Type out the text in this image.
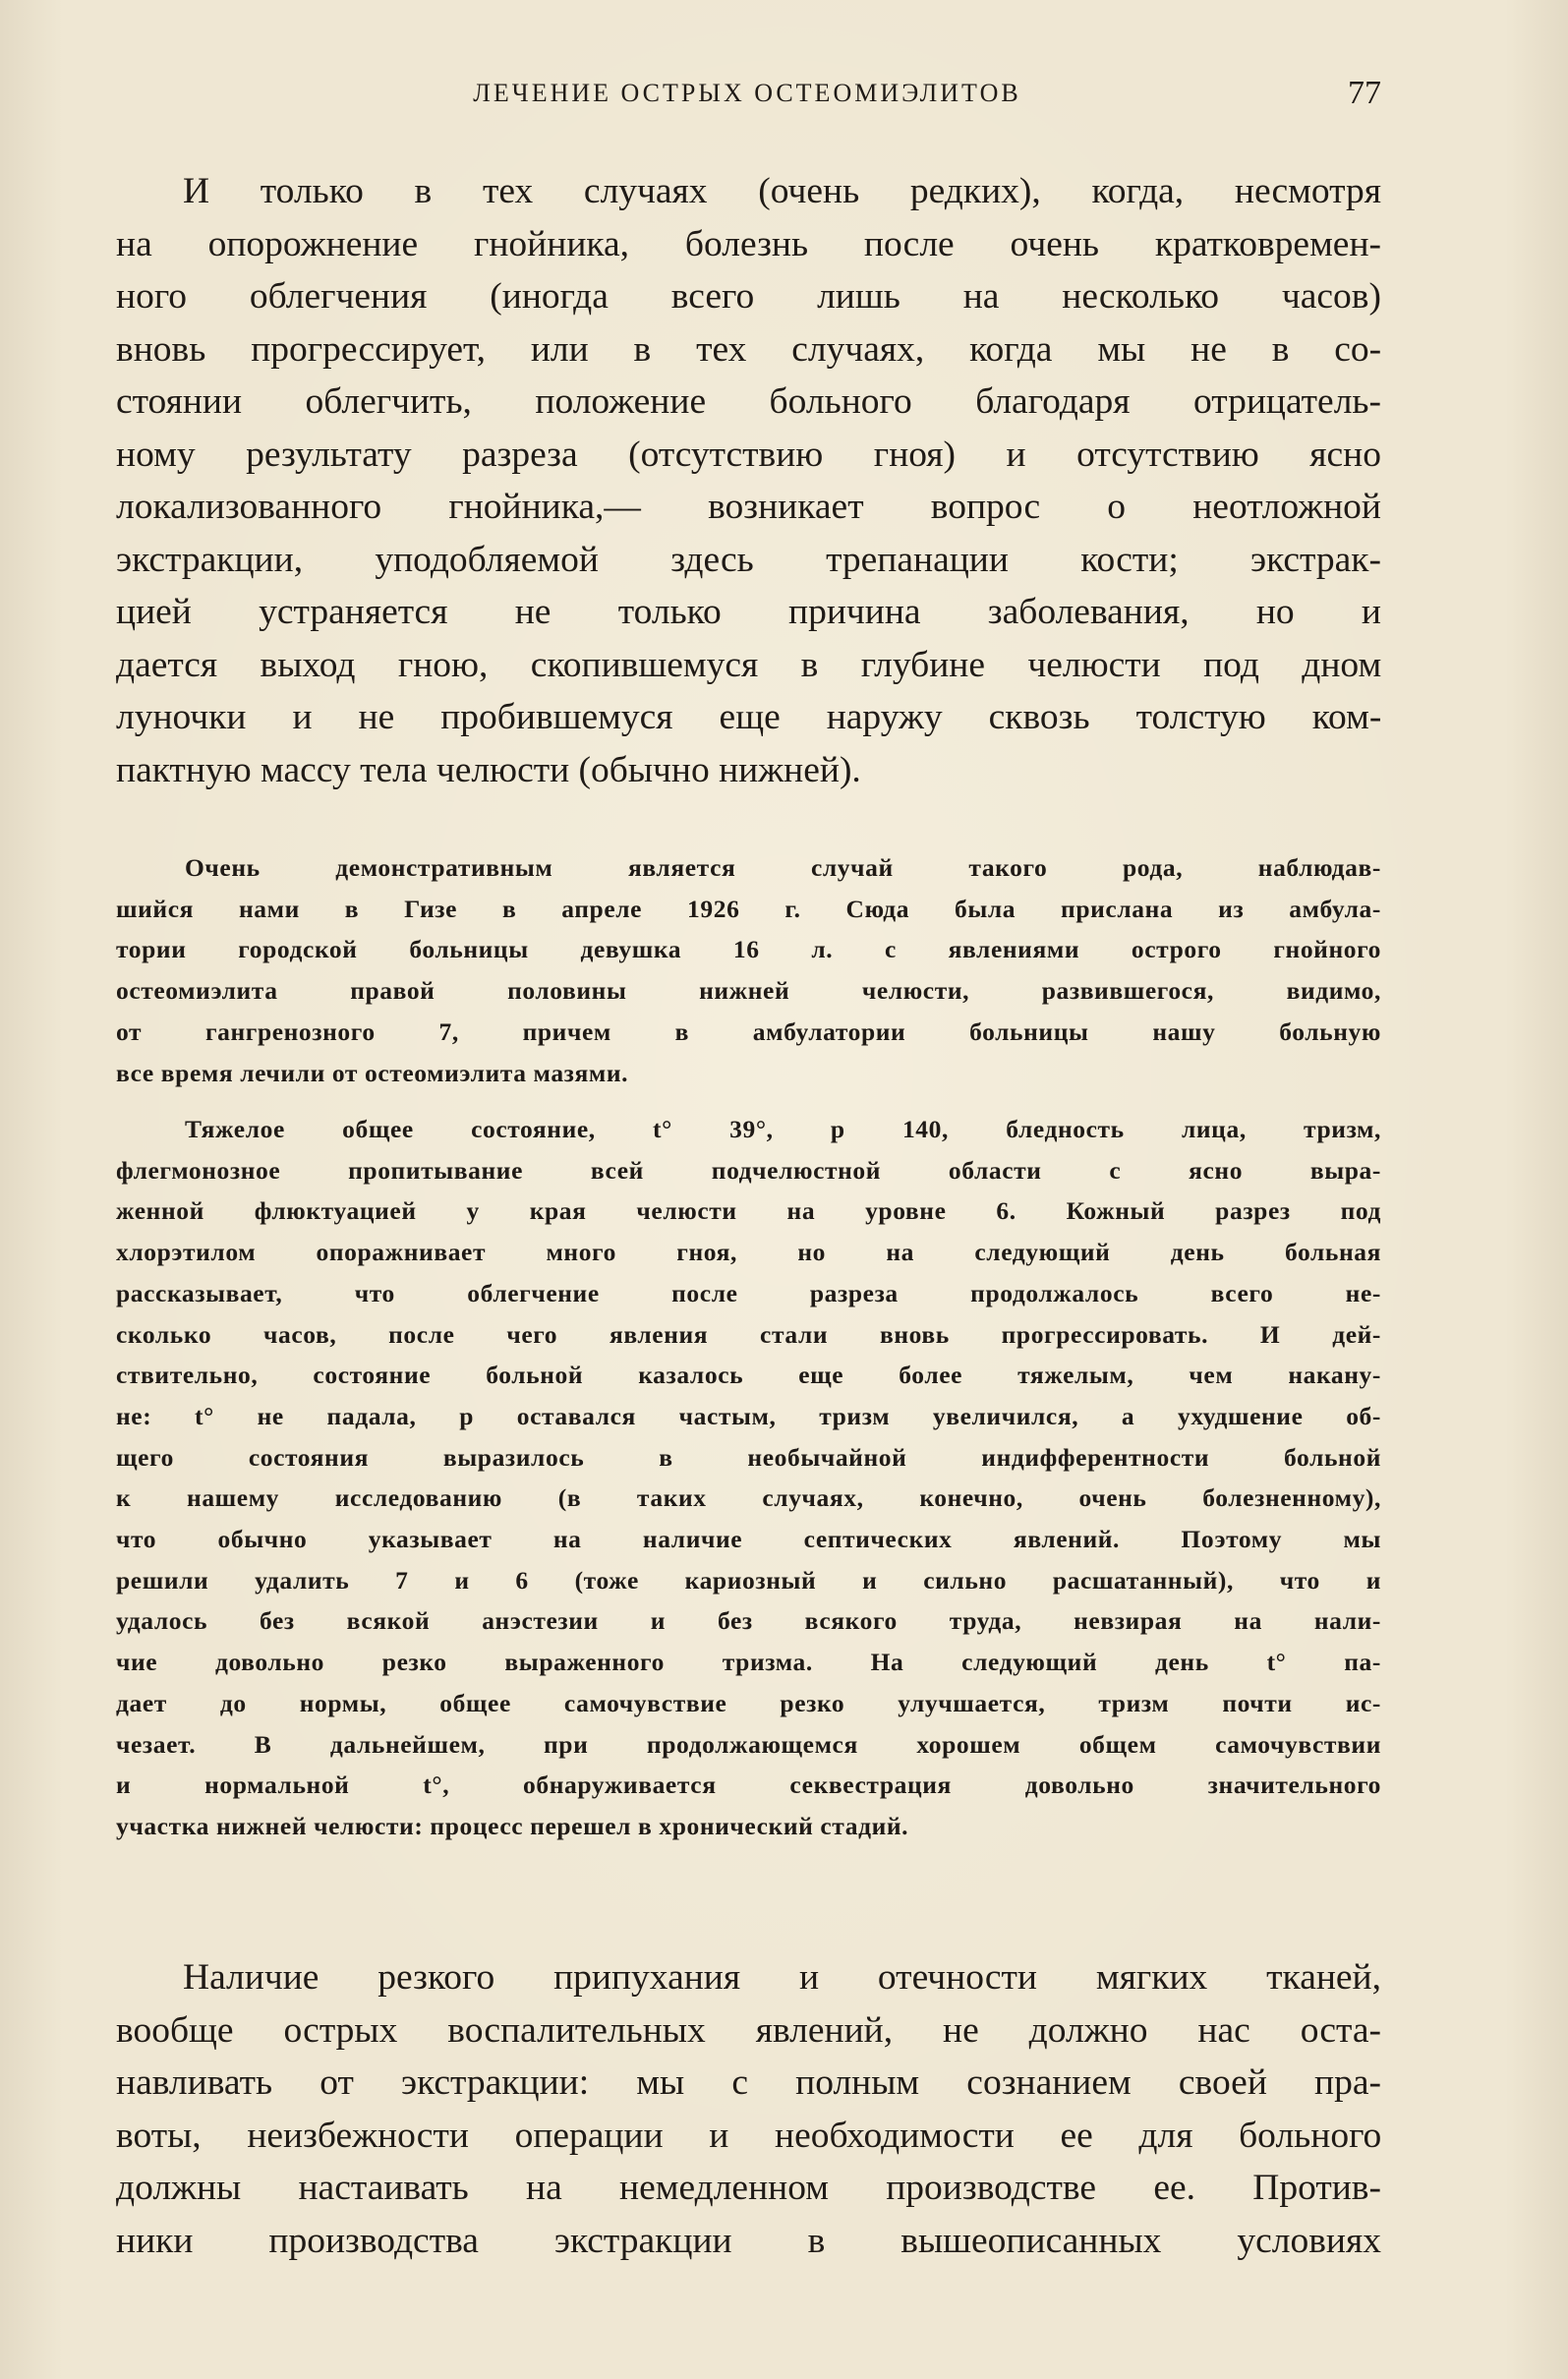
ЛЕЧЕНИЕ ОСТРЫХ ОСТЕОМИЭЛИТОВ	77
И только в тех случаях (очень редких), когда, несмотря
на опорожнение гнойника, болезнь после очень кратковремен-
ного облегчения (иногда всего лишь на несколько часов)
вновь прогрессирует, или в тех случаях, когда мы не в со-
стоянии облегчить, положение больного благодаря отрицатель-
ному результату разреза (отсутствию гноя) и отсутствию ясно
локализованного гнойника,— возникает вопрос о неотложной
экстракции, уподобляемой здесь трепанации кости; экстрак-
цией устраняется не только причина заболевания, но и
дается выход гною, скопившемуся в глубине челюсти под дном
луночки и не пробившемуся еще наружу сквозь толстую ком-
пактную массу тела челюсти (обычно нижней).
Очень демонстративным является случай такого рода, наблюдав-
шийся нами в Гизе в апреле 1926 г. Сюда была прислана из амбула-
тории городской больницы девушка 16 л. с явлениями острого гнойного
остеомиэлита правой половины нижней челюсти, развившегося, видимо,
от гангренозного 7, причем в амбулатории больницы нашу больную
все время лечили от остеомиэлита мазями.
Тяжелое общее состояние, t° 39°, p 140, бледность лица, тризм,
флегмонозное пропитывание всей подчелюстной области с ясно выра-
женной флюктуацией у края челюсти на уровне 6. Кожный разрез под
хлорэтилом опоражнивает много гноя, но на следующий день больная
рассказывает, что облегчение после разреза продолжалось всего не-
сколько часов, после чего явления стали вновь прогрессировать. И дей-
ствительно, состояние больной казалось еще более тяжелым, чем накану-
не: t° не падала, p оставался частым, тризм увеличился, а ухудшение об-
щего состояния выразилось в необычайной индифферентности больной
к нашему исследованию (в таких случаях, конечно, очень болезненному),
что обычно указывает на наличие септических явлений. Поэтому мы
решили удалить 7 и 6 (тоже кариозный и сильно расшатанный), что и
удалось без всякой анэстезии и без всякого труда, невзирая на нали-
чие довольно резко выраженного тризма. На следующий день t° па-
дает до нормы, общее самочувствие резко улучшается, тризм почти ис-
чезает. В дальнейшем, при продолжающемся хорошем общем самочувствии
и нормальной t°, обнаруживается секвестрация довольно значительного
участка нижней челюсти: процесс перешел в хронический стадий.
Наличие резкого припухания и отечности мягких тканей,
вообще острых воспалительных явлений, не должно нас оста-
навливать от экстракции: мы с полным сознанием своей пра-
воты, неизбежности операции и необходимости ее для больного
должны настаивать на немедленном производстве ее. Против-
ники производства экстракции в вышеописанных условиях
